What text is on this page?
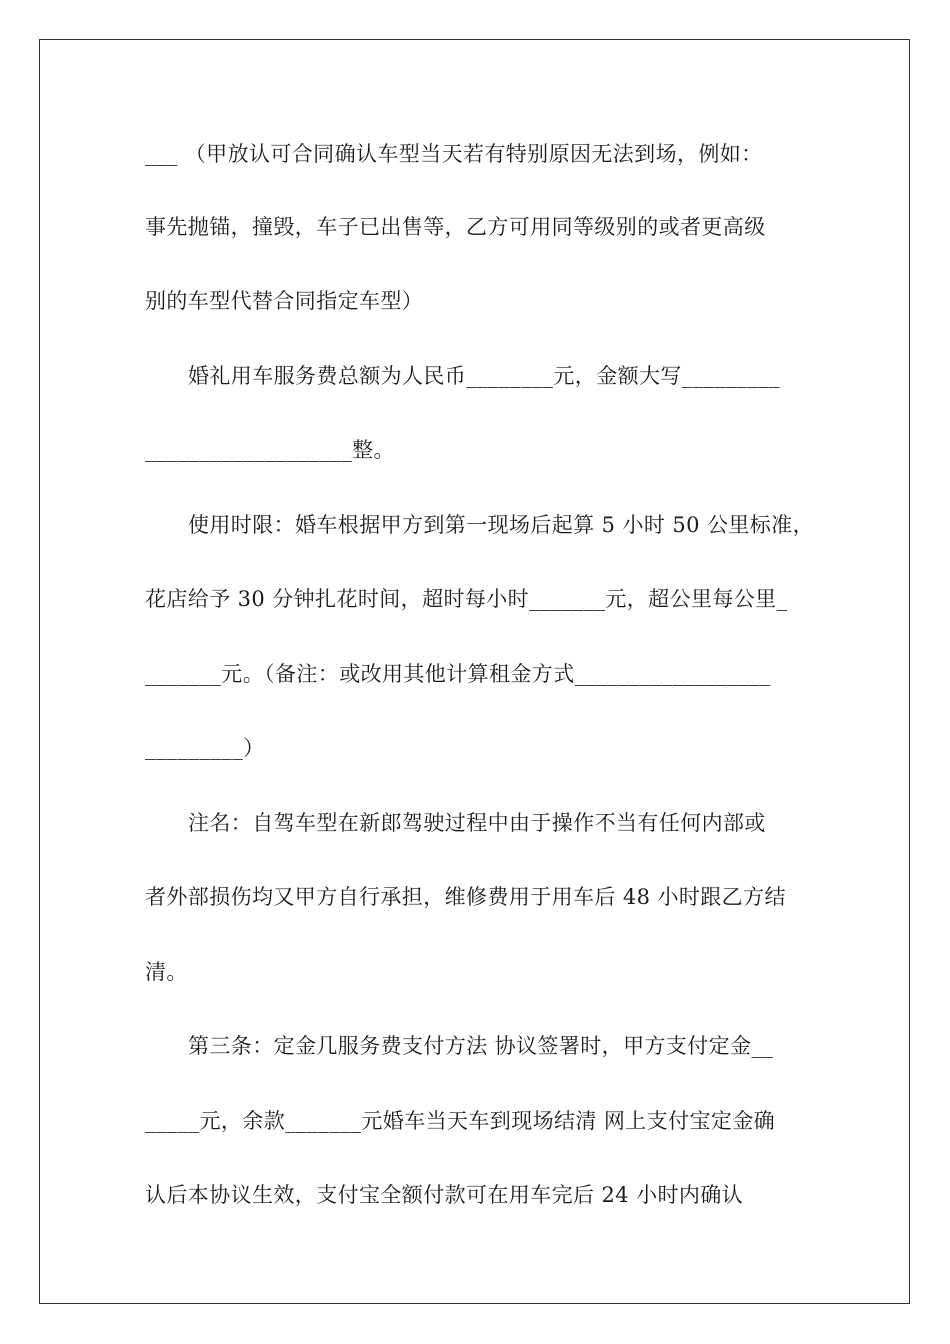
___ （甲放认可合同确认车型当天若有特别原因无法到场，例如：
事先抛锚，撞毁，车子已出售等，乙方可用同等级别的或者更高级
别的车型代替合同指定车型）
婚礼用车服务费总额为人民币________元，金额大写_________
___________________整。
使用时限：婚车根据甲方到第一现场后起算 5 小时 50 公里标准，
花店给予 30 分钟扎花时间，超时每小时_______元，超公里每公里_
_______元。（备注：或改用其他计算租金方式__________________
_________）
注名：自驾车型在新郎驾驶过程中由于操作不当有任何内部或
者外部损伤均又甲方自行承担，维修费用于用车后 48 小时跟乙方结
清。
第三条：定金几服务费支付方法 协议签署时，甲方支付定金__
_____元，余款_______元婚车当天车到现场结清 网上支付宝定金确
认后本协议生效，支付宝全额付款可在用车完后 24 小时内确认
